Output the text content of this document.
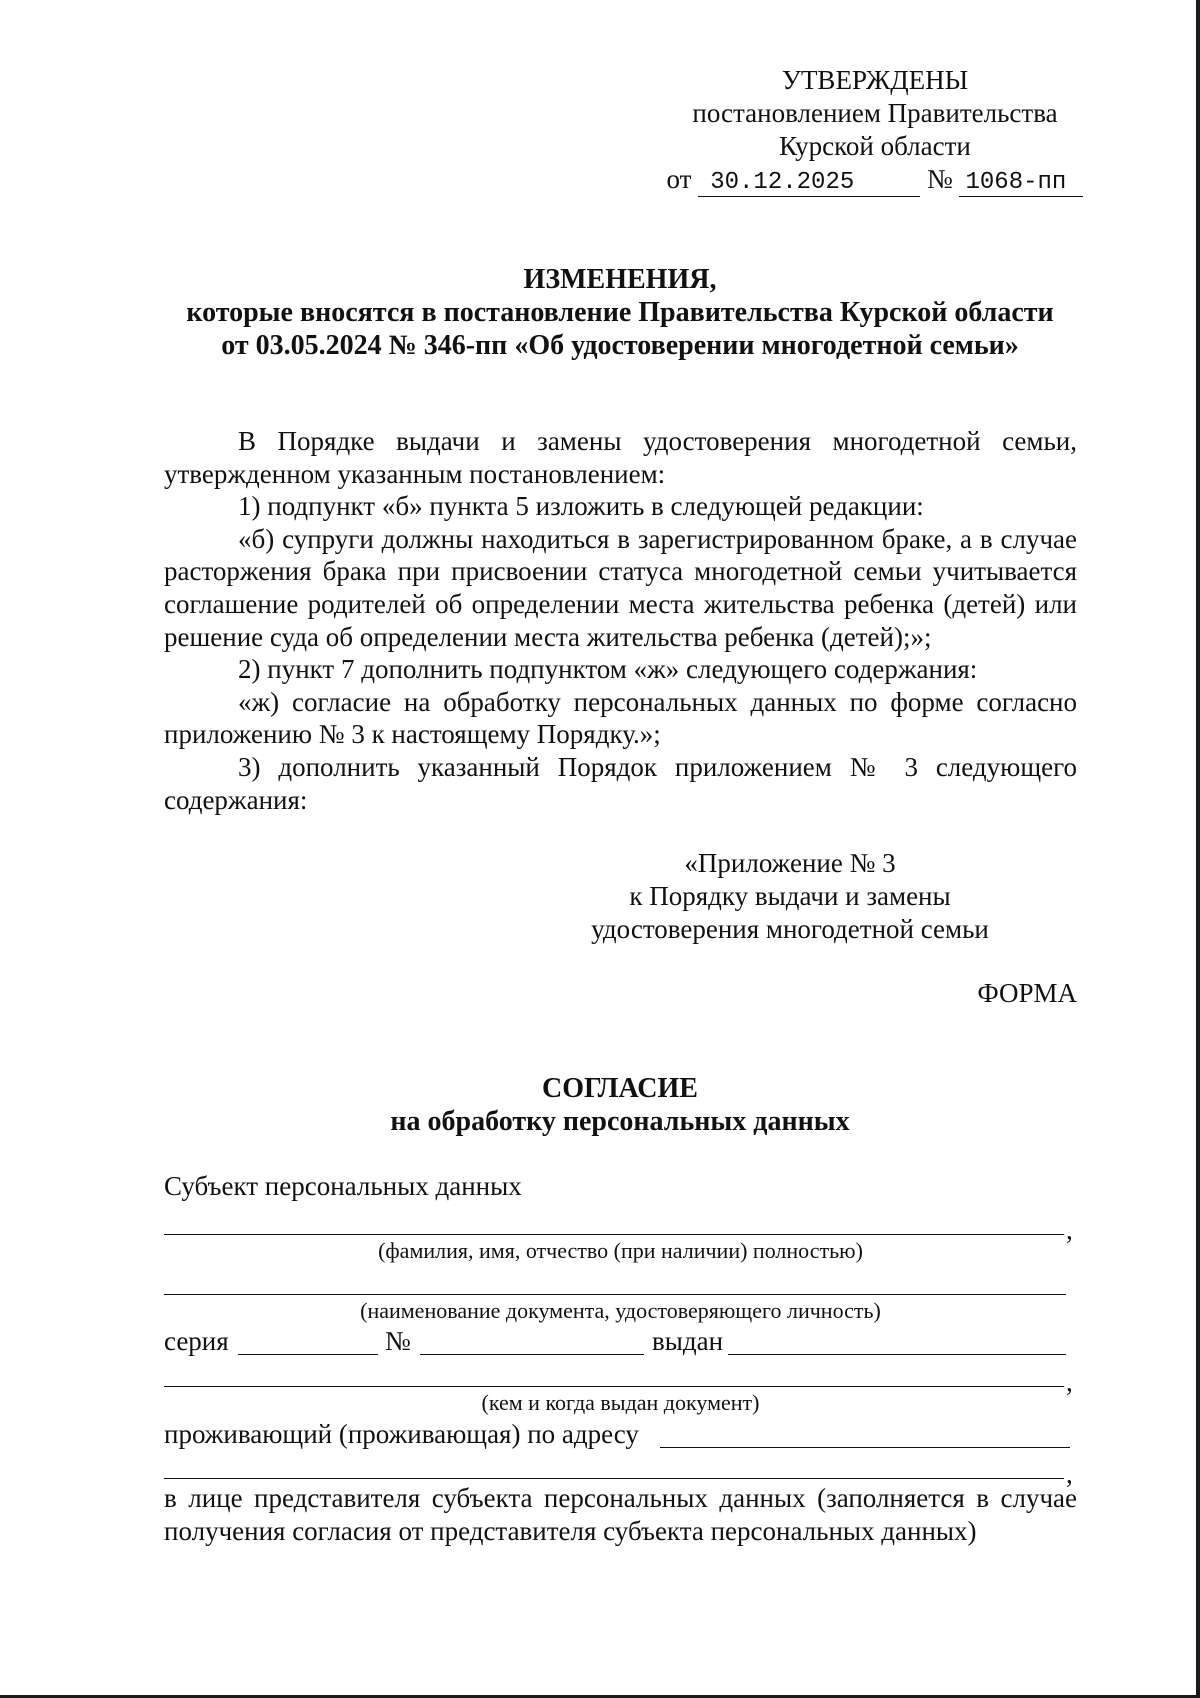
УТВЕРЖДЕНЫ
постановлением Правительства
Курской области
от 30.12.2025	№ 1068-пп
ИЗМЕНЕНИЯ,
которые вносятся в постановление Правительства Курской области
от 03.05.2024 № 346-пп «Об удостоверении многодетной семьи»

В Порядке выдачи и замены удостоверения многодетной семьи, утвержденном указанным постановлением:

1) подпункт «б» пункта 5 изложить в следующей редакции:

«б) супруги должны находиться в зарегистрированном браке, а в случае расторжения брака при присвоении статуса многодетной семьи учитывается соглашение родителей об определении места жительства ребенка (детей) или решение суда об определении места жительства ребенка (детей);»;

2) пункт 7 дополнить подпунктом «ж» следующего содержания:

«ж) согласие на обработку персональных данных по форме согласно приложению № 3 к настоящему Порядку.»;

3) дополнить указанный Порядок приложением № 3 следующего содержания:

«Приложение № 3
к Порядку выдачи и замены
удостоверения многодетной семьи
ФОРМА
СОГЛАСИЕ
на обработку персональных данных
Субъект персональных данных
,
(фамилия, имя, отчество (при наличии) полностью)
(наименование документа, удостоверяющего личность)
серия	№	выдан
,
(кем и когда выдан документ)
проживающий (проживающая) по адресу
,
в лице представителя субъекта персональных данных (заполняется в случае получения согласия от представителя субъекта персональных данных)
